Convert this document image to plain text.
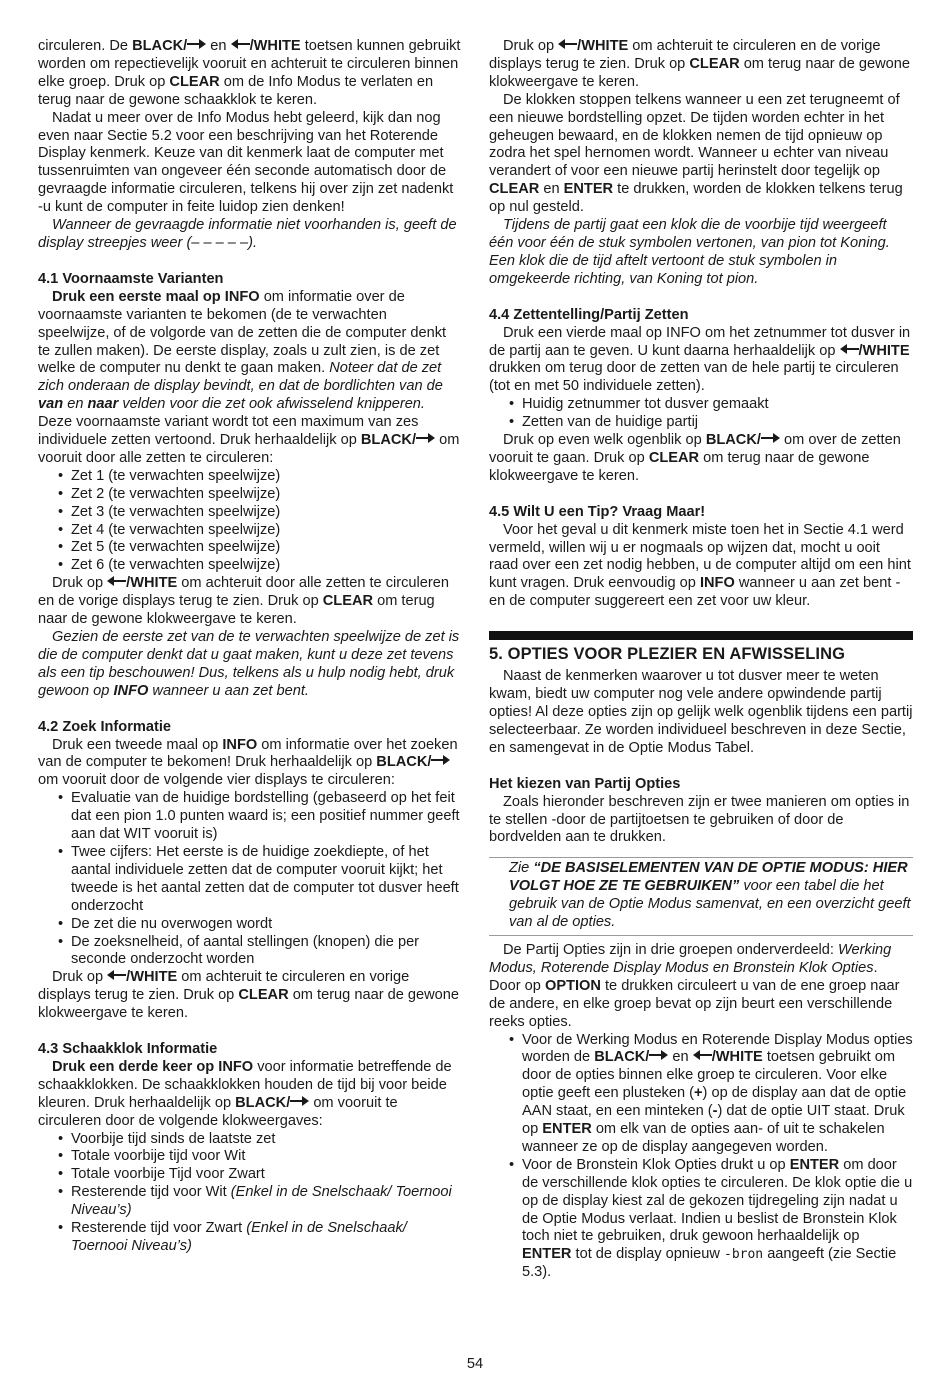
circuleren. De BLACK/
en
/WHITE toetsen kunnen gebruikt worden om repectievelijk vooruit en achteruit te circuleren binnen elke groep. Druk op CLEAR om de Info Modus te verlaten en terug naar de gewone schaakklok te keren.

Nadat u meer over de Info Modus hebt geleerd, kijk dan nog even naar Sectie 5.2 voor een beschrijving van het Roterende Display kenmerk. Keuze van dit kenmerk laat de computer met tussenruimten van ongeveer één seconde automatisch door de gevraagde informatie circuleren, telkens hij over zijn zet nadenkt -u kunt de computer in feite luidop zien denken!

Wanneer de gevraagde informatie niet voorhanden is, geeft de display streepjes weer (– – – – –).

4.1 Voornaamste Varianten

Druk een eerste maal op INFO om informatie over de voornaamste varianten te bekomen (de te verwachten speelwijze, of de volgorde van de zetten die de computer denkt te zullen maken). De eerste display, zoals u zult zien, is de zet welke de computer nu denkt te gaan maken. Noteer dat de zet zich onderaan de display bevindt, en dat de bordlichten van de van en naar velden voor die zet ook afwisselend knipperen. Deze voornaamste variant wordt tot een maximum van zes individuele zetten vertoond. Druk herhaaldelijk op BLACK/
om vooruit door alle zetten te circuleren:

• Zet 1 (te verwachten speelwijze)
• Zet 2 (te verwachten speelwijze)
• Zet 3 (te verwachten speelwijze)
• Zet 4 (te verwachten speelwijze)
• Zet 5 (te verwachten speelwijze)
• Zet 6 (te verwachten speelwijze)

Druk op
/WHITE om achteruit door alle zetten te circuleren en de vorige displays terug te zien. Druk op CLEAR om terug naar de gewone klokweergave te keren.

Gezien de eerste zet van de te verwachten speelwijze de zet is die de computer denkt dat u gaat maken, kunt u deze zet tevens als een tip beschouwen! Dus, telkens als u hulp nodig hebt, druk gewoon op INFO wanneer u aan zet bent.

4.2 Zoek Informatie

Druk een tweede maal op INFO om informatie over het zoeken van de computer te bekomen! Druk herhaaldelijk op BLACK/
om vooruit door de volgende vier displays te circuleren:

• Evaluatie van de huidige bordstelling (gebaseerd op het feit dat een pion 1.0 punten waard is; een positief nummer geeft aan dat WIT vooruit is)
• Twee cijfers: Het eerste is de huidige zoekdiepte, of het aantal individuele zetten dat de computer vooruit kijkt; het tweede is het aantal zetten dat de computer tot dusver heeft onderzocht
• De zet die nu overwogen wordt
• De zoeksnelheid, of aantal stellingen (knopen) die per seconde onderzocht worden

Druk op
/WHITE om achteruit te circuleren en vorige displays terug te zien. Druk op CLEAR om terug naar de gewone klokweergave te keren.

4.3 Schaakklok Informatie

Druk een derde keer op INFO voor informatie betreffende de schaakklokken. De schaakklokken houden de tijd bij voor beide kleuren. Druk herhaaldelijk op BLACK/
om vooruit te circuleren door de volgende klokweergaves:

• Voorbije tijd sinds de laatste zet
• Totale voorbije tijd voor Wit
• Totale voorbije Tijd voor Zwart
• Resterende tijd voor Wit (Enkel in de Snelschaak/ Toernooi Niveau’s)
• Resterende tijd voor Zwart (Enkel in de Snelschaak/ Toernooi Niveau’s)

Druk op
/WHITE om achteruit te circuleren en de vorige displays terug te zien. Druk op CLEAR om terug naar de gewone klokweergave te keren.

De klokken stoppen telkens wanneer u een zet terugneemt of een nieuwe bordstelling opzet. De tijden worden echter in het geheugen bewaard, en de klokken nemen de tijd opnieuw op zodra het spel hernomen wordt. Wanneer u echter van niveau verandert of voor een nieuwe partij herinstelt door tegelijk op CLEAR en ENTER te drukken, worden de klokken telkens terug op nul gesteld.

Tijdens de partij gaat een klok die de voorbije tijd weergeeft één voor één de stuk symbolen vertonen, van pion tot Koning. Een klok die de tijd aftelt vertoont de stuk symbolen in omgekeerde richting, van Koning tot pion.

4.4 Zettentelling/Partij Zetten

Druk een vierde maal op INFO om het zetnummer tot dusver in de partij aan te geven. U kunt daarna herhaaldelijk op
/WHITE drukken om terug door de zetten van de hele partij te circuleren (tot en met 50 individuele zetten).

• Huidig zetnummer tot dusver gemaakt
• Zetten van de huidige partij

Druk op even welk ogenblik op BLACK/
om over de zetten vooruit te gaan. Druk op CLEAR om terug naar de gewone klokweergave te keren.

4.5 Wilt U een Tip? Vraag Maar!

Voor het geval u dit kenmerk miste toen het in Sectie 4.1 werd vermeld, willen wij u er nogmaals op wijzen dat, mocht u ooit raad over een zet nodig hebben, u de computer altijd om een hint kunt vragen. Druk eenvoudig op INFO wanneer u aan zet bent -en de computer suggereert een zet voor uw kleur.

5. OPTIES VOOR PLEZIER EN AFWISSELING

Naast de kenmerken waarover u tot dusver meer te weten kwam, biedt uw computer nog vele andere opwindende partij opties! Al deze opties zijn op gelijk welk ogenblik tijdens een partij selecteerbaar. Ze worden individueel beschreven in deze Sectie, en samengevat in de Optie Modus Tabel.

Het kiezen van Partij Opties

Zoals hieronder beschreven zijn er twee manieren om opties in te stellen -door de partijtoetsen te gebruiken of door de bordvelden aan te drukken.

Zie “DE BASISELEMENTEN VAN DE OPTIE MODUS: HIER VOLGT HOE ZE TE GEBRUIKEN” voor een tabel die het gebruik van de Optie Modus samenvat, en een overzicht geeft van al de opties.

De Partij Opties zijn in drie groepen onderverdeeld: Werking Modus, Roterende Display Modus en Bronstein Klok Opties. Door op OPTION te drukken circuleert u van de ene groep naar de andere, en elke groep bevat op zijn beurt een verschillende reeks opties.

• Voor de Werking Modus en Roterende Display Modus opties worden de BLACK/
en
/WHITE toetsen gebruikt om door de opties binnen elke groep te circuleren. Voor elke optie geeft een plusteken (+) op de display aan dat de optie AAN staat, en een minteken (-) dat de optie UIT staat. Druk op ENTER om elk van de opties aan- of uit te schakelen wanneer ze op de display aangegeven worden.
• Voor de Bronstein Klok Opties drukt u op ENTER om door de verschillende klok opties te circuleren. De klok optie die u op de display kiest zal de gekozen tijdregeling zijn nadat u de Optie Modus verlaat. Indien u beslist de Bronstein Klok toch niet te gebruiken, druk gewoon herhaaldelijk op ENTER tot de display opnieuw -bron aangeeft (zie Sectie 5.3).
54
